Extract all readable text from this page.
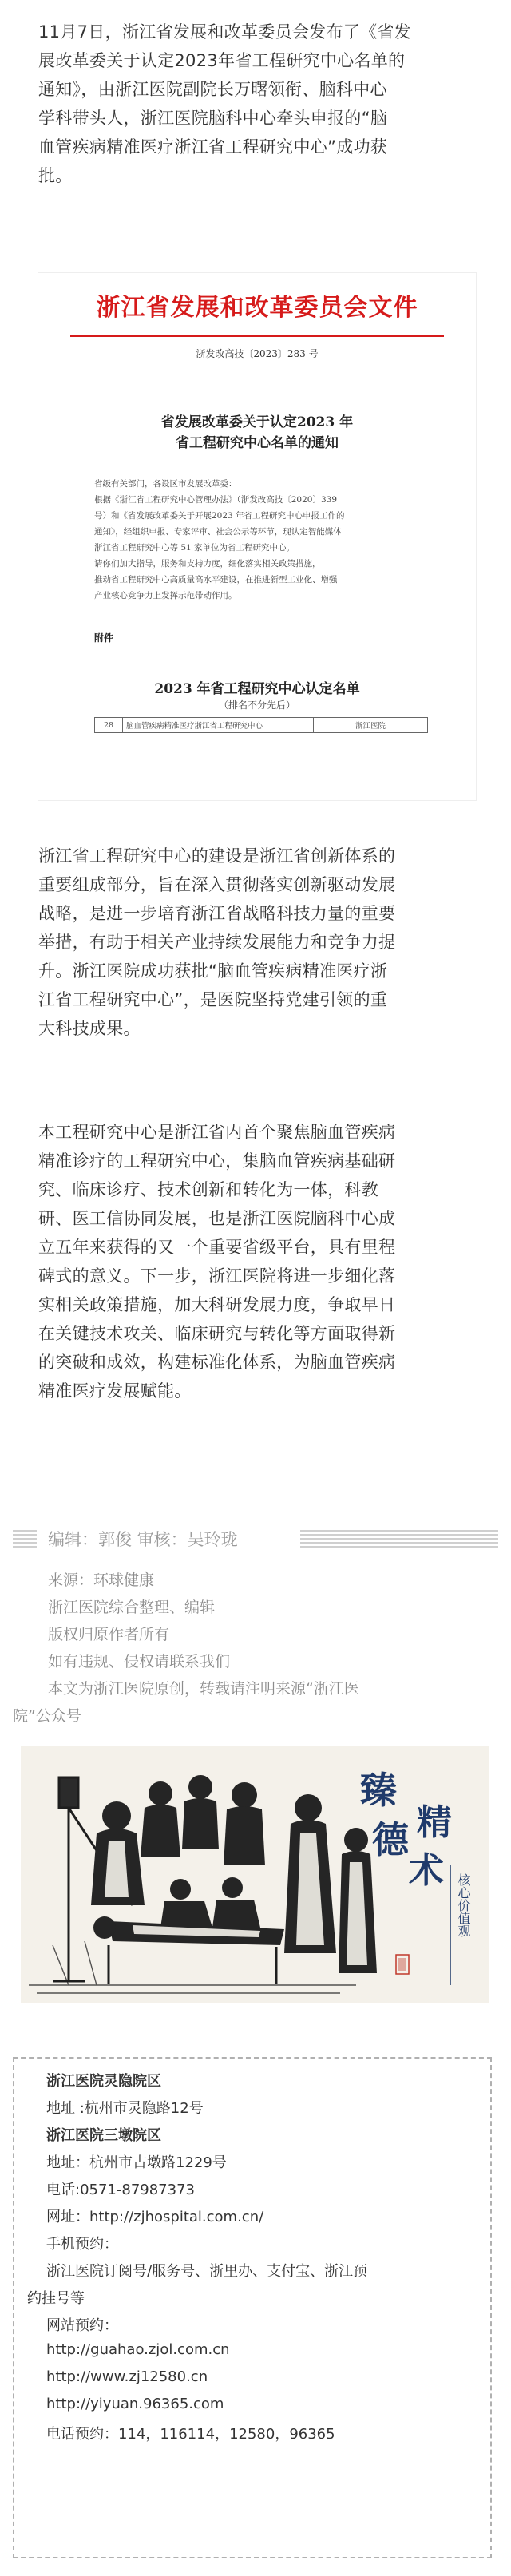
11月7日，浙江省发展和改革委员会发布了《省发
展改革委关于认定2023年省工程研究中心名单的
通知》，由浙江医院副院长万曙领衔、脑科中心
学科带头人，浙江医院脑科中心牵头申报的“脑
血管疾病精准医疗浙江省工程研究中心”成功获
批。
浙江省发展和改革委员会文件
浙发改高技〔2023〕283 号
省发展改革委关于认定2023 年
省工程研究中心名单的通知
省级有关部门，各设区市发展改革委：
根据《浙江省工程研究中心管理办法》（浙发改高技〔2020〕339
号）和《省发展改革委关于开展2023 年省工程研究中心申报工作的
通知》，经组织申报、专家评审、社会公示等环节，现认定智能媒体
浙江省工程研究中心等 51 家单位为省工程研究中心。
请你们加大指导，服务和支持力度，细化落实相关政策措施，
推动省工程研究中心高质量高水平建设，在推进新型工业化、增强
产业核心竞争力上发挥示范带动作用。
附件
2023 年省工程研究中心认定名单
（排名不分先后）
28	脑血管疾病精准医疗浙江省工程研究中心	浙江医院
浙江省工程研究中心的建设是浙江省创新体系的
重要组成部分，旨在深入贯彻落实创新驱动发展
战略，是进一步培育浙江省战略科技力量的重要
举措，有助于相关产业持续发展能力和竞争力提
升。浙江医院成功获批“脑血管疾病精准医疗浙
江省工程研究中心”，是医院坚持党建引领的重
大科技成果。
本工程研究中心是浙江省内首个聚焦脑血管疾病
精准诊疗的工程研究中心，集脑血管疾病基础研
究、临床诊疗、技术创新和转化为一体，科教
研、医工信协同发展，也是浙江医院脑科中心成
立五年来获得的又一个重要省级平台，具有里程
碑式的意义。下一步，浙江医院将进一步细化落
实相关政策措施，加大科研发展力度，争取早日
在关键技术攻关、临床研究与转化等方面取得新
的突破和成效，构建标准化体系，为脑血管疾病
精准医疗发展赋能。
编辑：郭俊 审核：吴玲珑
来源：环球健康
浙江医院综合整理、编辑
版权归原作者所有
如有违规、侵权请联系我们
本文为浙江医院原创，转载请注明来源“浙江医
院”公众号
臻
德 精
术
核心价值观
浙江医院灵隐院区
地址 :杭州市灵隐路12号
浙江医院三墩院区
地址：杭州市古墩路1229号
电话:0571-87987373
网址：http://zjhospital.com.cn/
手机预约：
浙江医院订阅号/服务号、浙里办、支付宝、浙江预
约挂号等
网站预约：
http://guahao.zjol.com.cn
http://www.zj12580.cn
http://yiyuan.96365.com
电话预约：114，116114，12580，96365
